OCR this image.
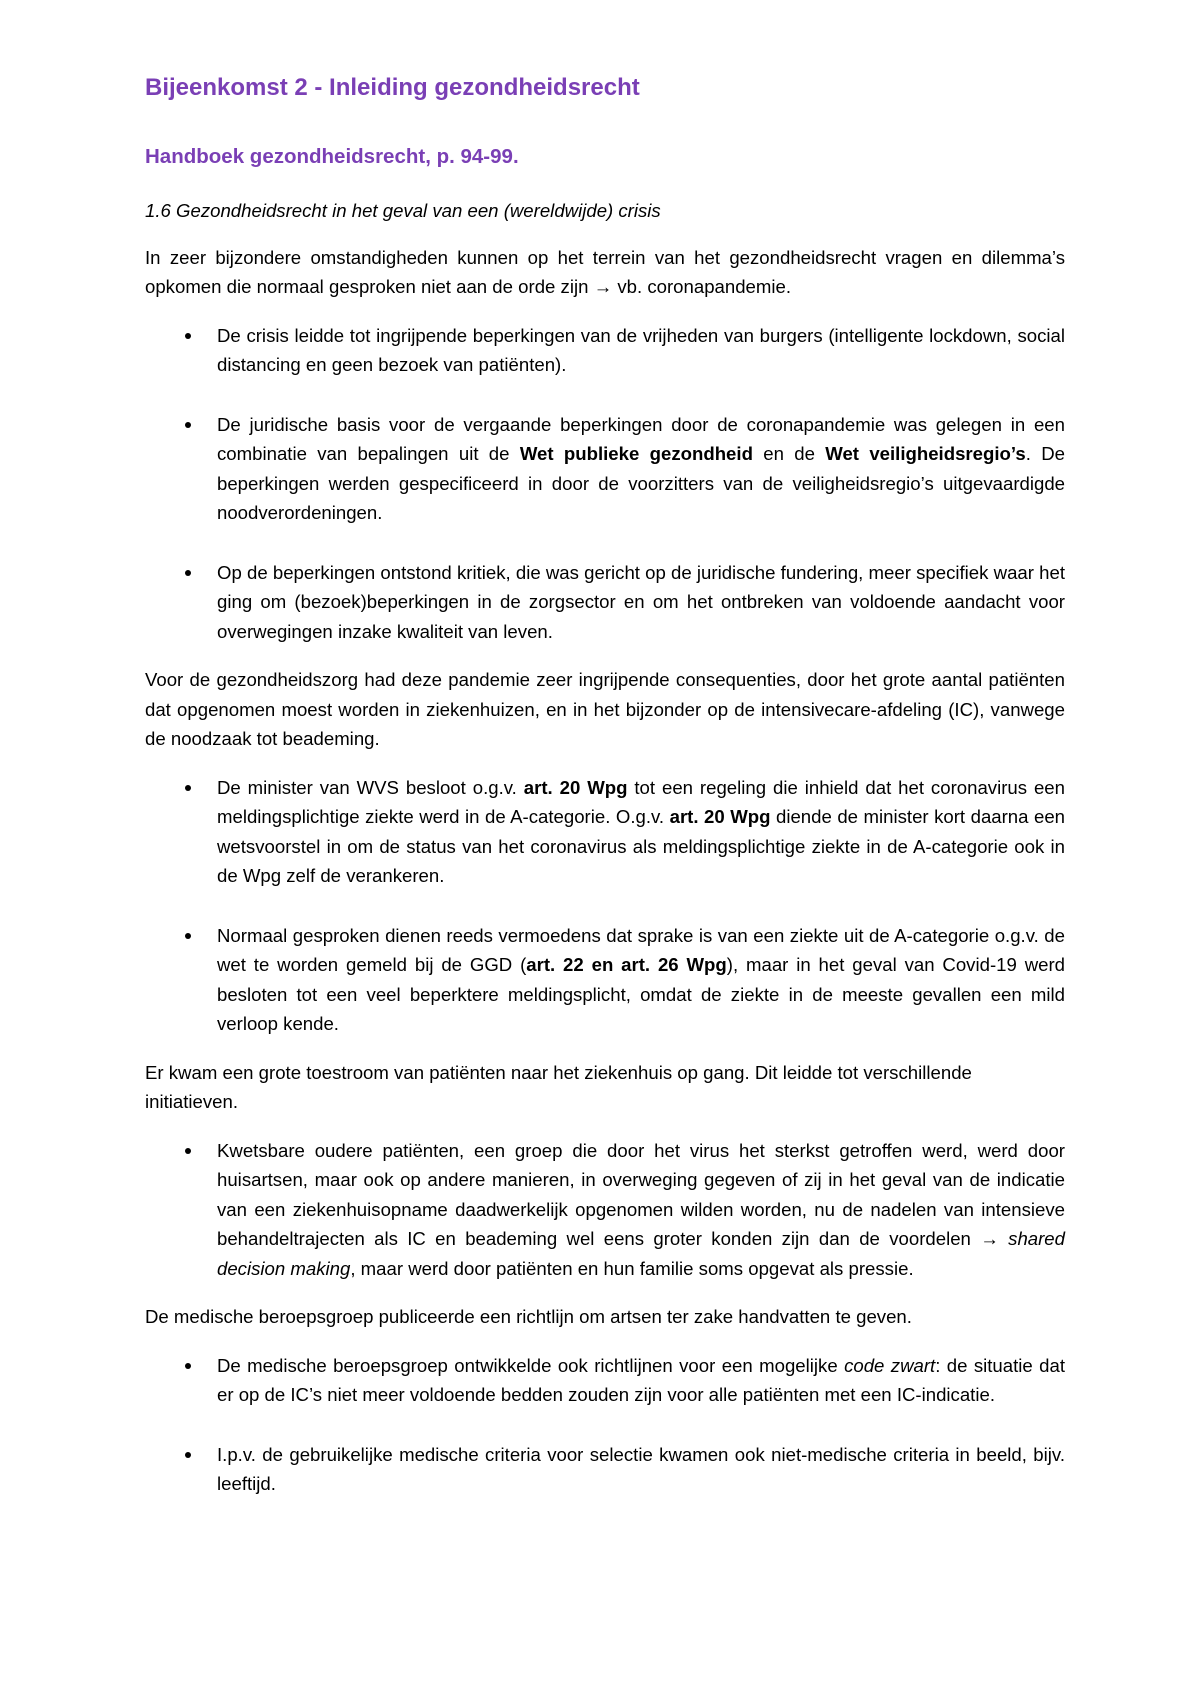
Bijeenkomst 2 - Inleiding gezondheidsrecht
Handboek gezondheidsrecht, p. 94-99.

1.6 Gezondheidsrecht in het geval van een (wereldwijde) crisis

In zeer bijzondere omstandigheden kunnen op het terrein van het gezondheidsrecht vragen en dilemma’s opkomen die normaal gesproken niet aan de orde zijn → vb. coronapandemie.

De crisis leidde tot ingrijpende beperkingen van de vrijheden van burgers (intelligente lockdown, social distancing en geen bezoek van patiënten).
De juridische basis voor de vergaande beperkingen door de coronapandemie was gelegen in een combinatie van bepalingen uit de Wet publieke gezondheid en de Wet veiligheidsregio’s. De beperkingen werden gespecificeerd in door de voorzitters van de veiligheidsregio’s uitgevaardigde noodverordeningen.
Op de beperkingen ontstond kritiek, die was gericht op de juridische fundering, meer specifiek waar het ging om (bezoek)beperkingen in de zorgsector en om het ontbreken van voldoende aandacht voor overwegingen inzake kwaliteit van leven.

Voor de gezondheidszorg had deze pandemie zeer ingrijpende consequenties, door het grote aantal patiënten dat opgenomen moest worden in ziekenhuizen, en in het bijzonder op de intensivecare-afdeling (IC), vanwege de noodzaak tot beademing.

De minister van WVS besloot o.g.v. art. 20 Wpg tot een regeling die inhield dat het coronavirus een meldingsplichtige ziekte werd in de A-categorie. O.g.v. art. 20 Wpg diende de minister kort daarna een wetsvoorstel in om de status van het coronavirus als meldingsplichtige ziekte in de A-categorie ook in de Wpg zelf de verankeren.
Normaal gesproken dienen reeds vermoedens dat sprake is van een ziekte uit de A-categorie o.g.v. de wet te worden gemeld bij de GGD (art. 22 en art. 26 Wpg), maar in het geval van Covid-19 werd besloten tot een veel beperktere meldingsplicht, omdat de ziekte in de meeste gevallen een mild verloop kende.

Er kwam een grote toestroom van patiënten naar het ziekenhuis op gang. Dit leidde tot verschillende initiatieven.

Kwetsbare oudere patiënten, een groep die door het virus het sterkst getroffen werd, werd door huisartsen, maar ook op andere manieren, in overweging gegeven of zij in het geval van de indicatie van een ziekenhuisopname daadwerkelijk opgenomen wilden worden, nu de nadelen van intensieve behandeltrajecten als IC en beademing wel eens groter konden zijn dan de voordelen → shared decision making, maar werd door patiënten en hun familie soms opgevat als pressie.

De medische beroepsgroep publiceerde een richtlijn om artsen ter zake handvatten te geven.

De medische beroepsgroep ontwikkelde ook richtlijnen voor een mogelijke code zwart: de situatie dat er op de IC’s niet meer voldoende bedden zouden zijn voor alle patiënten met een IC-indicatie.
I.p.v. de gebruikelijke medische criteria voor selectie kwamen ook niet-medische criteria in beeld, bijv. leeftijd.
